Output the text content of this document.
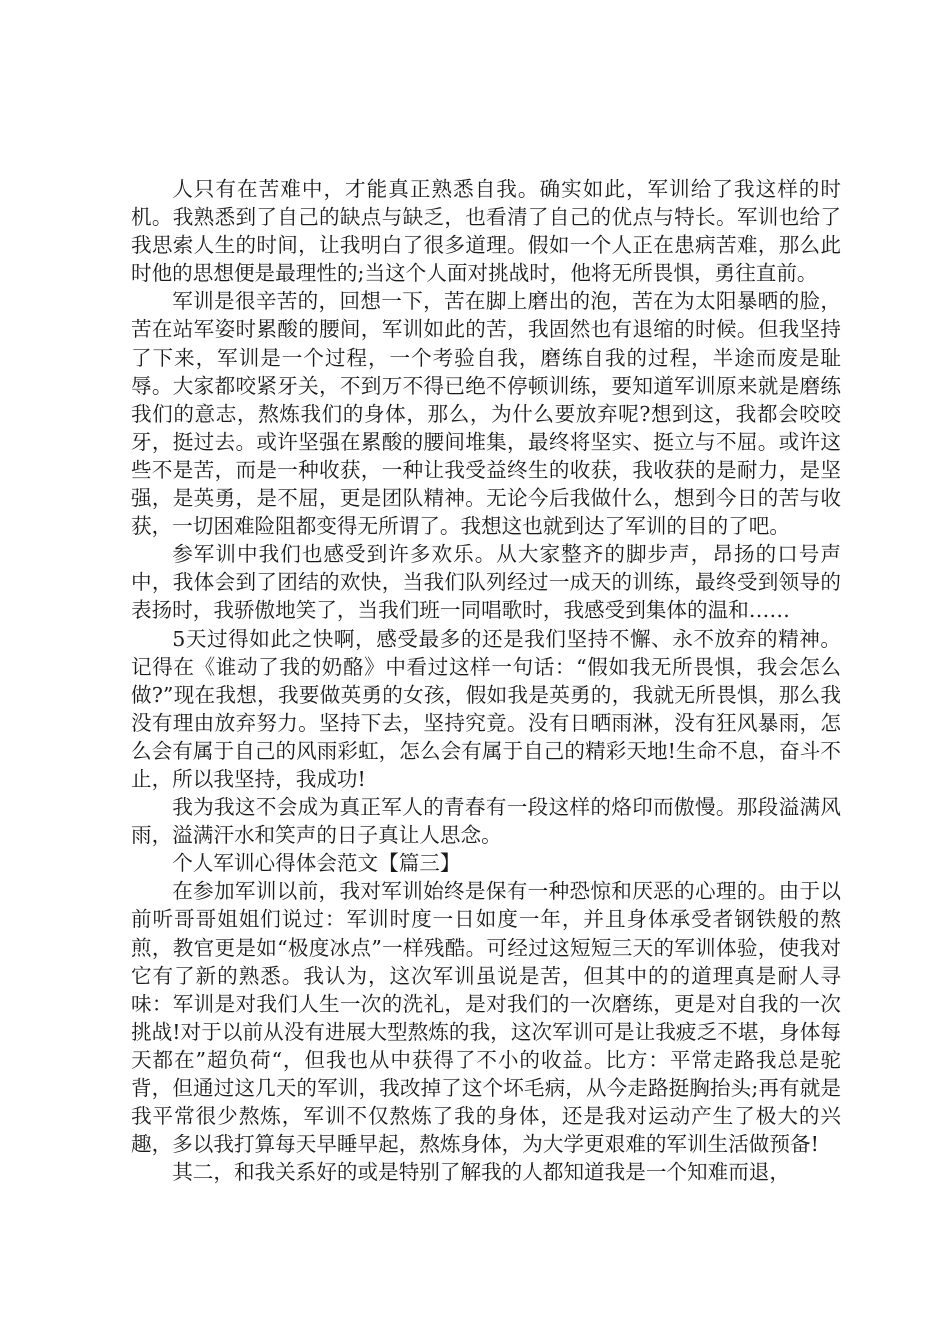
人只有在苦难中，才能真正熟悉自我。确实如此，军训给了我这样的时机。我熟悉到了自己的缺点与缺乏，也看清了自己的优点与特长。军训也给了我思索人生的时间，让我明白了很多道理。假如一个人正在患病苦难，那么此时他的思想便是最理性的;当这个人面对挑战时，他将无所畏惧，勇往直前。

军训是很辛苦的，回想一下，苦在脚上磨出的泡，苦在为太阳暴晒的脸，苦在站军姿时累酸的腰间，军训如此的苦，我固然也有退缩的时候。但我坚持了下来，军训是一个过程，一个考验自我，磨练自我的过程，半途而废是耻辱。大家都咬紧牙关，不到万不得已绝不停顿训练，要知道军训原来就是磨练我们的意志，熬炼我们的身体，那么，为什么要放弃呢?想到这，我都会咬咬牙，挺过去。或许坚强在累酸的腰间堆集，最终将坚实、挺立与不屈。或许这些不是苦，而是一种收获，一种让我受益终生的收获，我收获的是耐力，是坚强，是英勇，是不屈，更是团队精神。无论今后我做什么，想到今日的苦与收获，一切困难险阻都变得无所谓了。我想这也就到达了军训的目的了吧。

参军训中我们也感受到许多欢乐。从大家整齐的脚步声，昂扬的口号声中，我体会到了团结的欢快，当我们队列经过一成天的训练，最终受到领导的表扬时，我骄傲地笑了，当我们班一同唱歌时，我感受到集体的温和……

5天过得如此之快啊，感受最多的还是我们坚持不懈、永不放弃的精神。记得在《谁动了我的奶酪》中看过这样一句话：“假如我无所畏惧，我会怎么做?”现在我想，我要做英勇的女孩，假如我是英勇的，我就无所畏惧，那么我没有理由放弃努力。坚持下去，坚持究竟。没有日晒雨淋，没有狂风暴雨，怎么会有属于自己的风雨彩虹，怎么会有属于自己的精彩天地!生命不息，奋斗不止，所以我坚持，我成功!

我为我这不会成为真正军人的青春有一段这样的烙印而傲慢。那段溢满风雨，溢满汗水和笑声的日子真让人思念。

个人军训心得体会范文【篇三】

在参加军训以前，我对军训始终是保有一种恐惊和厌恶的心理的。由于以前听哥哥姐姐们说过：军训时度一日如度一年，并且身体承受者钢铁般的熬煎，教官更是如“极度冰点”一样残酷。可经过这短短三天的军训体验，使我对它有了新的熟悉。我认为，这次军训虽说是苦，但其中的的道理真是耐人寻味：军训是对我们人生一次的洗礼，是对我们的一次磨练，更是对自我的一次挑战!对于以前从没有进展大型熬炼的我，这次军训可是让我疲乏不堪，身体每天都在”超负荷“，但我也从中获得了不小的收益。比方：平常走路我总是驼背，但通过这几天的军训，我改掉了这个坏毛病，从今走路挺胸抬头;再有就是我平常很少熬炼，军训不仅熬炼了我的身体，还是我对运动产生了极大的兴趣，多以我打算每天早睡早起，熬炼身体，为大学更艰难的军训生活做预备!

其二，和我关系好的或是特别了解我的人都知道我是一个知难而退，
